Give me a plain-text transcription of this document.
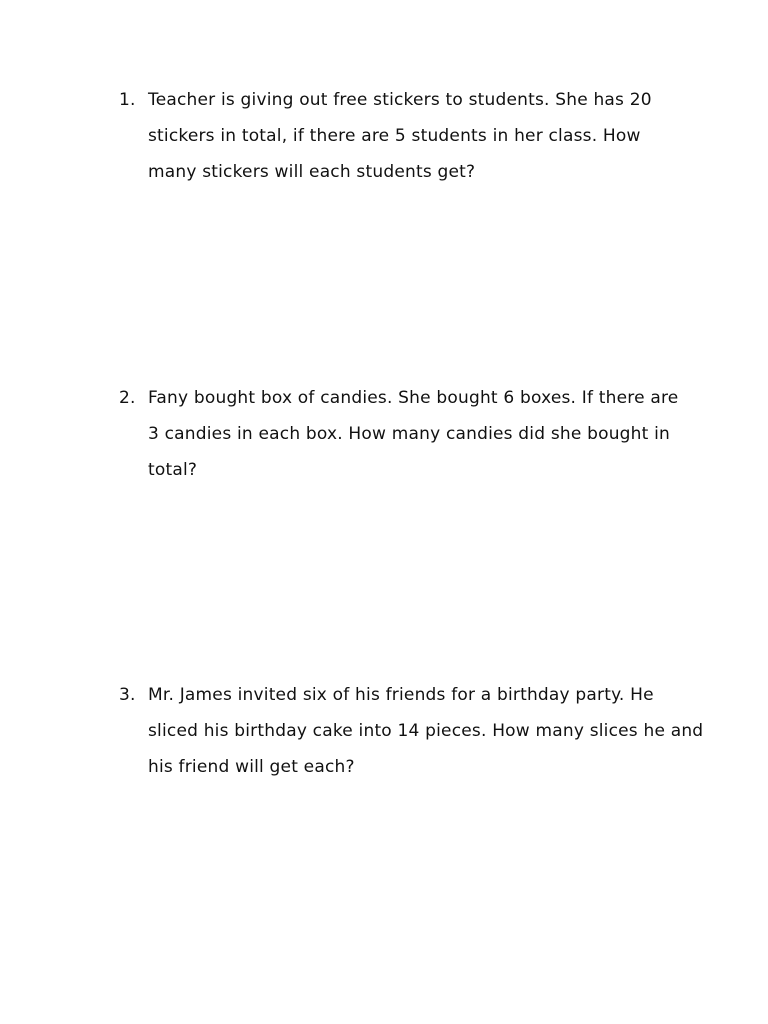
1. Teacher is giving out free stickers to students. She has 20
stickers in total, if there are 5 students in her class. How
many stickers will each students get?
2. Fany bought box of candies. She bought 6 boxes. If there are
3 candies in each box. How many candies did she bought in
total?
3. Mr. James invited six of his friends for a birthday party. He
sliced his birthday cake into 14 pieces. How many slices he and
his friend will get each?
